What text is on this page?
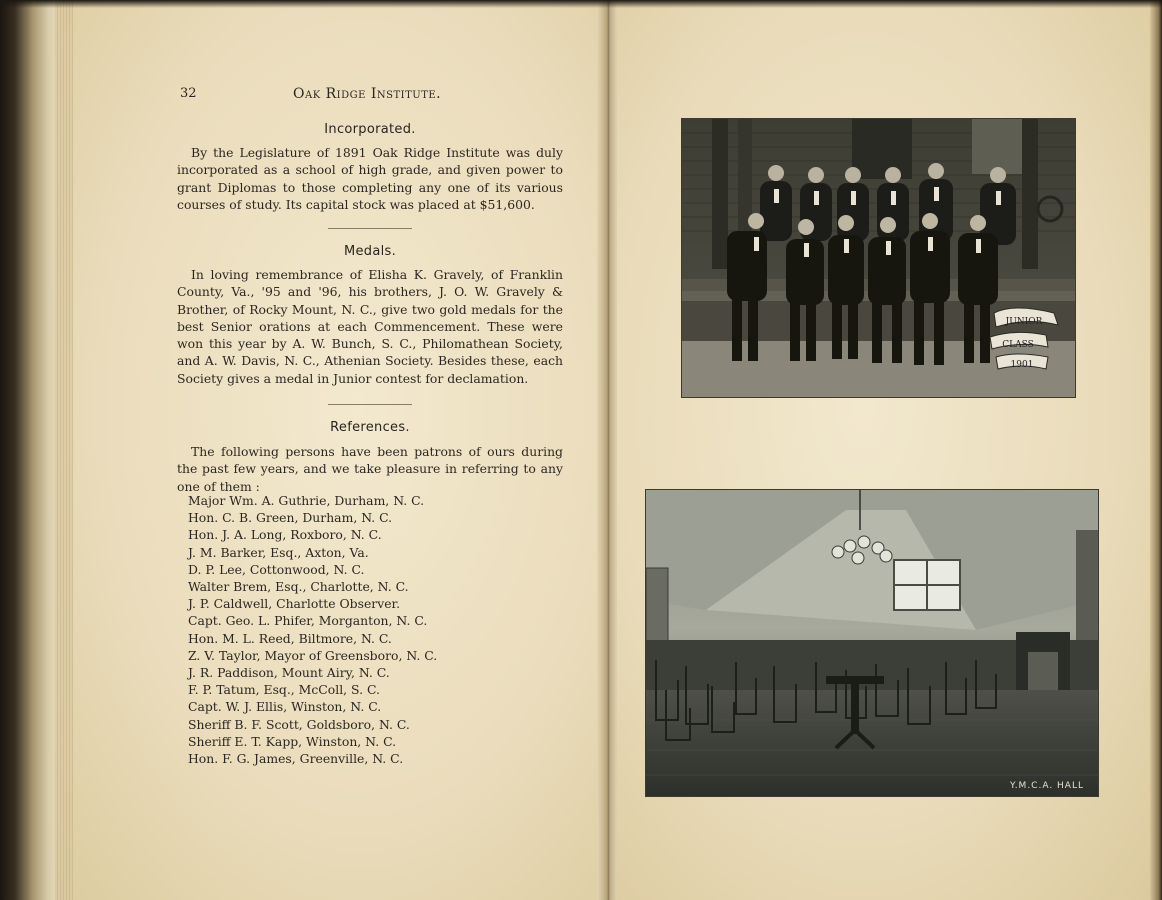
32	Oak Ridge Institute.
Incorporated.

By the Legislature of 1891 Oak Ridge Institute was duly incorporated as a school of high grade, and given power to grant Diplomas to those completing any one of its various courses of study. Its capital stock was placed at $51,600.

Medals.

In loving remembrance of Elisha K. Gravely, of Franklin County, Va., '95 and '96, his brothers, J. O. W. Gravely & Brother, of Rocky Mount, N. C., give two gold medals for the best Senior orations at each Commencement. These were won this year by A. W. Bunch, S. C., Philomathean Society, and A. W. Davis, N. C., Athenian Society. Besides these, each Society gives a medal in Junior contest for declamation.

References.

The following persons have been patrons of ours during the past few years, and we take pleasure in referring to any one of them :

Major Wm. A. Guthrie, Durham, N. C.
Hon. C. B. Green, Durham, N. C.
Hon. J. A. Long, Roxboro, N. C.
J. M. Barker, Esq., Axton, Va.
D. P. Lee, Cottonwood, N. C.
Walter Brem, Esq., Charlotte, N. C.
J. P. Caldwell, Charlotte Observer.
Capt. Geo. L. Phifer, Morganton, N. C.
Hon. M. L. Reed, Biltmore, N. C.
Z. V. Taylor, Mayor of Greensboro, N. C.
J. R. Paddison, Mount Airy, N. C.
F. P. Tatum, Esq., McColl, S. C.
Capt. W. J. Ellis, Winston, N. C.
Sheriff B. F. Scott, Goldsboro, N. C.
Sheriff E. T. Kapp, Winston, N. C.
Hon. F. G. James, Greenville, N. C.
JUNIOR
CLASS
1901
Y.M.C.A. HALL
